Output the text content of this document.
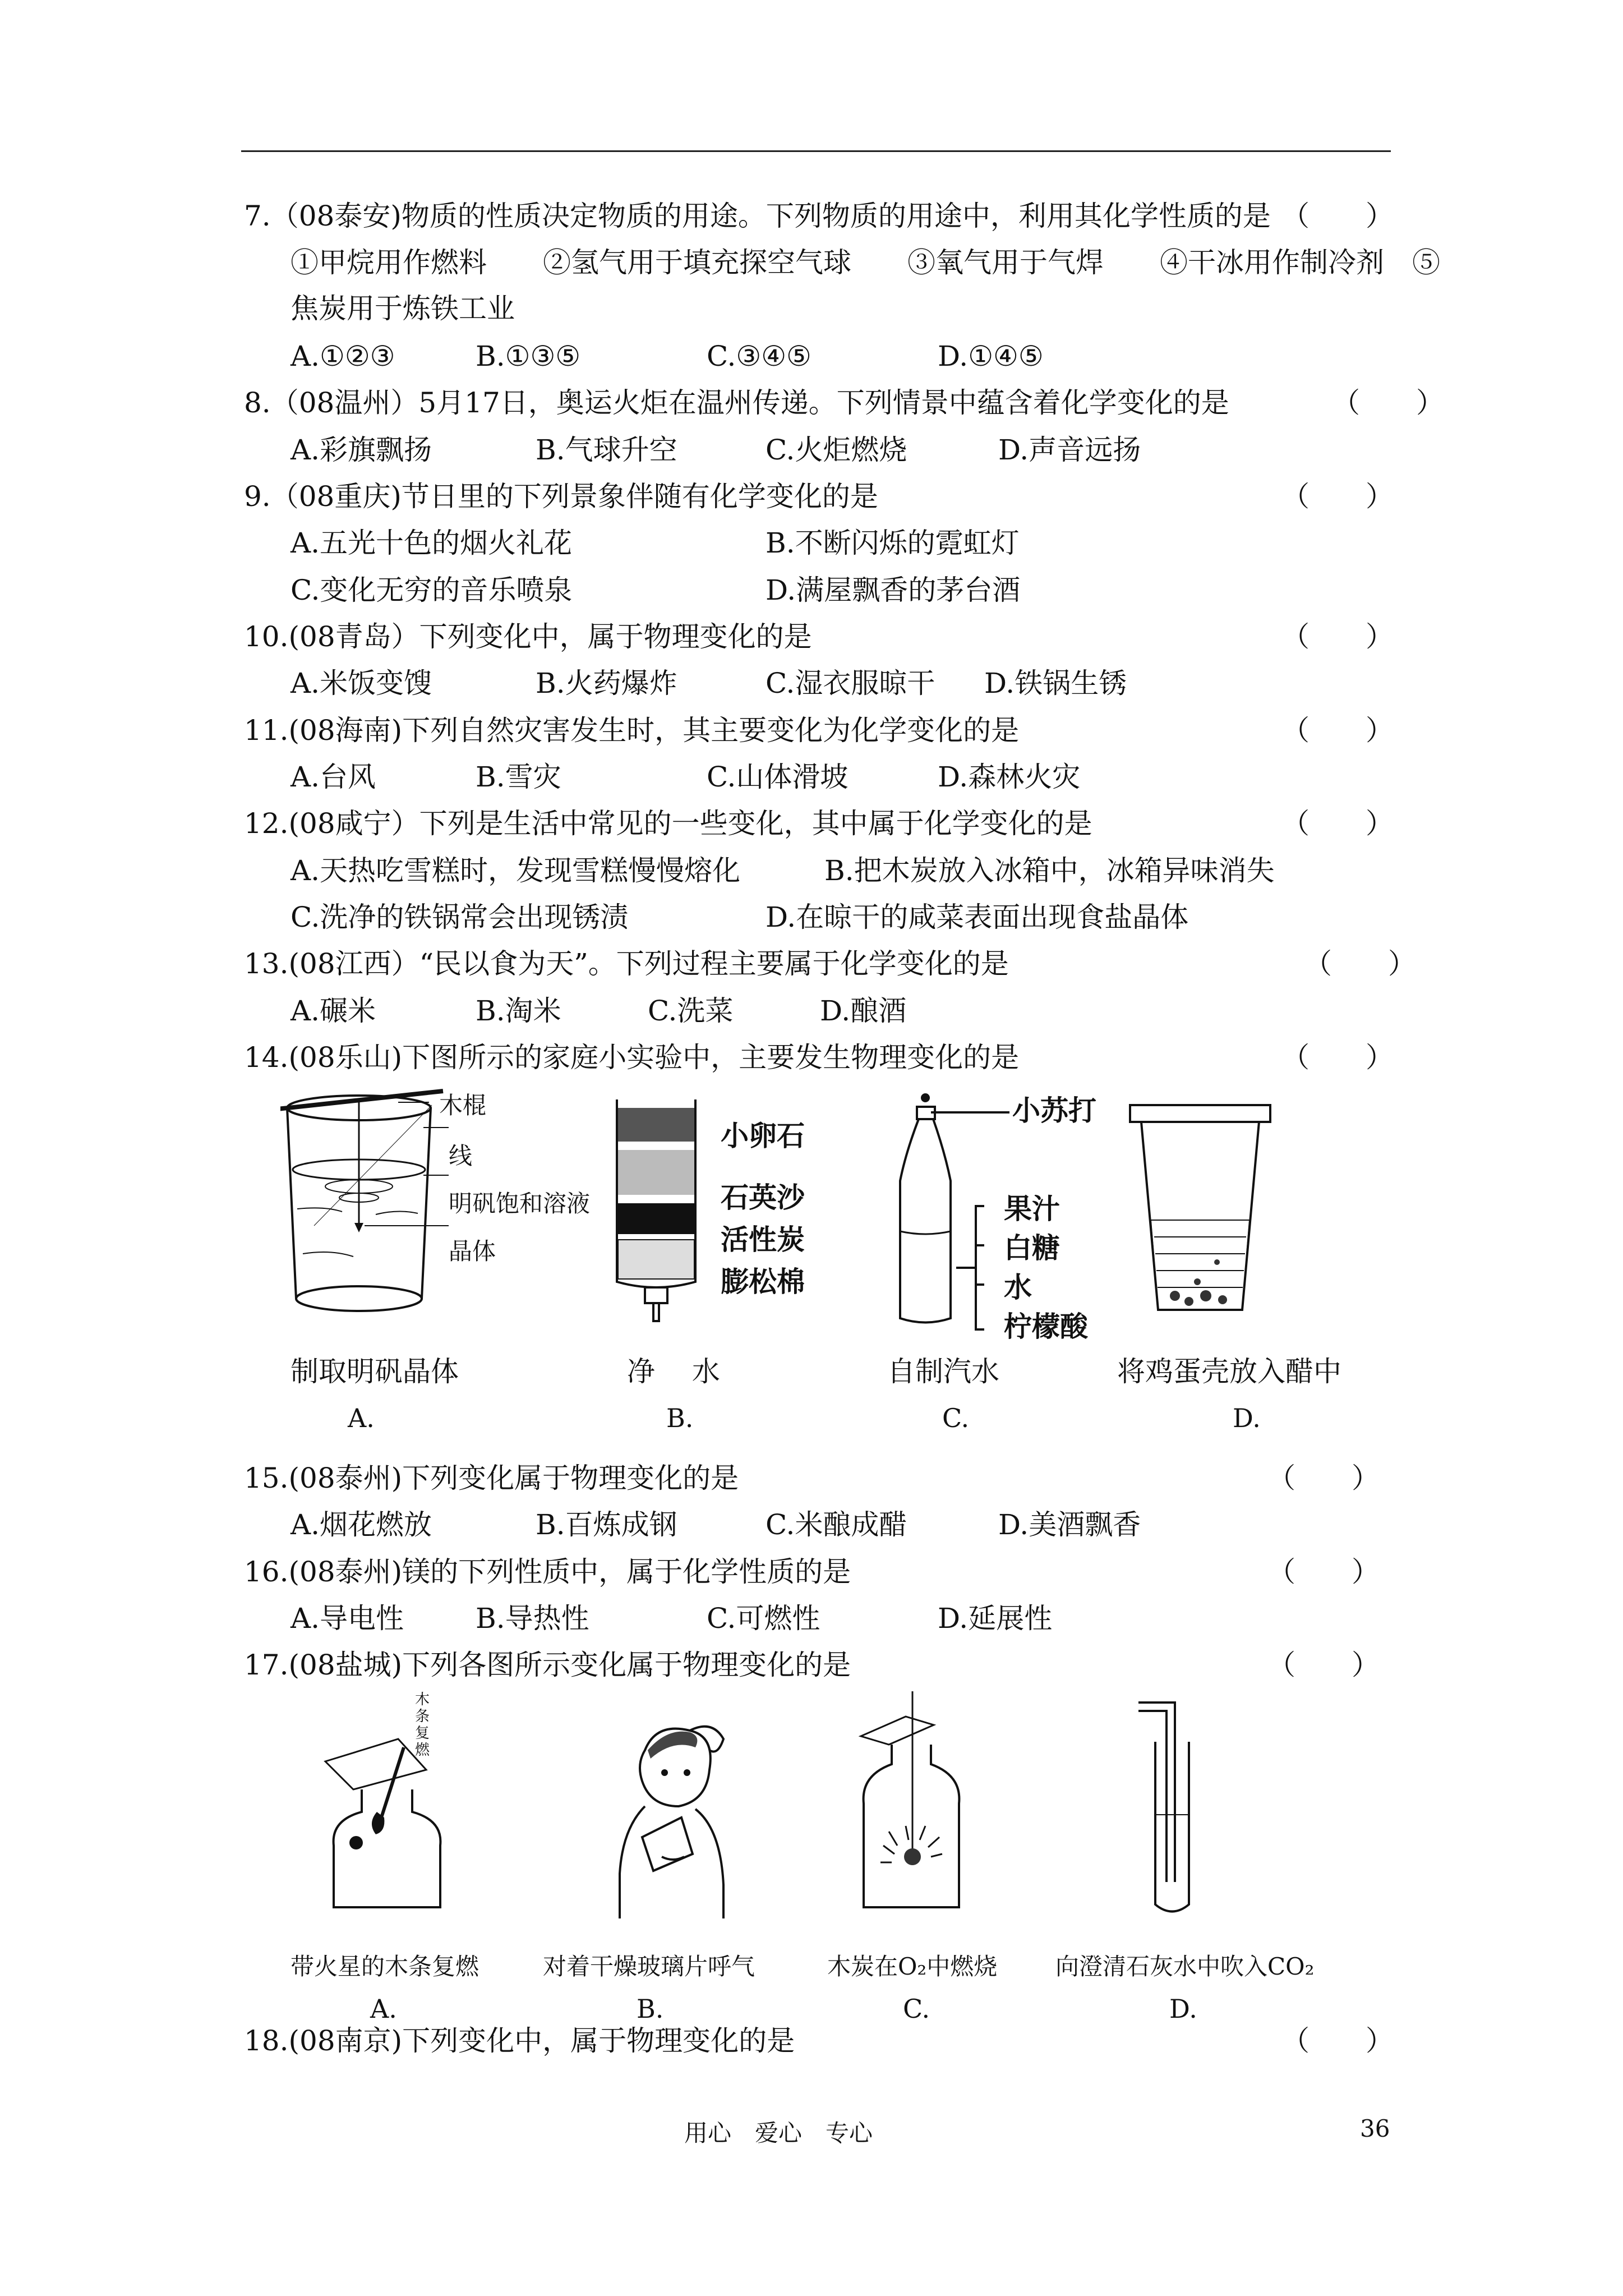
7.（08泰安)物质的性质决定物质的用途。下列物质的用途中，利用其化学性质的是 （　　）
①甲烷用作燃料　　②氢气用于填充探空气球　　③氧气用于气焊　　④干冰用作制冷剂　⑤
焦炭用于炼铁工业
A.①②③	B.①③⑤	C.③④⑤	D.①④⑤
8.（08温州）5月17日，奥运火炬在温州传递。下列情景中蕴含着化学变化的是	（　　）
A.彩旗飘扬	B.气球升空	C.火炬燃烧	D.声音远扬
9.（08重庆)节日里的下列景象伴随有化学变化的是	（　　）
A.五光十色的烟火礼花	B.不断闪烁的霓虹灯
C.变化无穷的音乐喷泉	D.满屋飘香的茅台酒
10.(08青岛）下列变化中，属于物理变化的是	（　　）
A.米饭变馊	B.火药爆炸	C.湿衣服晾干 D.铁锅生锈
11.(08海南)下列自然灾害发生时，其主要变化为化学变化的是	（　　）
A.台风	B.雪灾	C.山体滑坡	D.森林火灾
12.(08咸宁）下列是生活中常见的一些变化，其中属于化学变化的是	（　　）
A.天热吃雪糕时，发现雪糕慢慢熔化	B.把木炭放入冰箱中，冰箱异味消失
C.洗净的铁锅常会出现锈渍	D.在晾干的咸菜表面出现食盐晶体
13.(08江西）“民以食为天”。下列过程主要属于化学变化的是	（　　）
A.碾米	B.淘米	C.洗菜	D.酿酒
14.(08乐山)下图所示的家庭小实验中，主要发生物理变化的是	（　　）
木棍
线
明矾饱和溶液
晶体
小卵石
石英沙
活性炭
膨松棉
小苏打
果汁
白糖
水
柠檬酸
制取明矾晶体	净　 水	自制汽水	将鸡蛋壳放入醋中
A.	B.	C.	D.
15.(08泰州)下列变化属于物理变化的是	（　　）
A.烟花燃放	B.百炼成钢	C.米酿成醋	D.美酒飘香
16.(08泰州)镁的下列性质中，属于化学性质的是	（　　）
A.导电性	B.导热性	C.可燃性	D.延展性
17.(08盐城)下列各图所示变化属于物理变化的是	（　　）
木条复燃
带火星的木条复燃	对着干燥玻璃片呼气	木炭在O₂中燃烧 向澄清石灰水中吹入CO₂
A.	B.	C.	D.
18.(08南京)下列变化中，属于物理变化的是	（　　）
用心　爱心　专心	36
